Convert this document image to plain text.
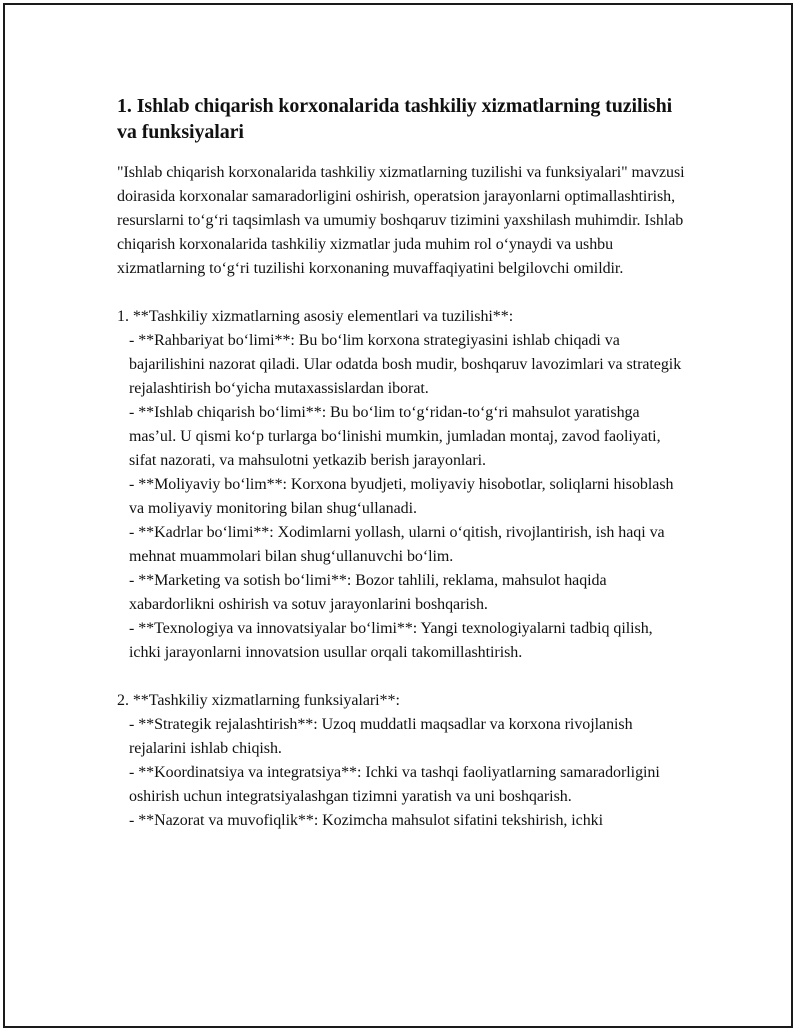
1. Ishlab chiqarish korxonalarida tashkiliy xizmatlarning tuzilishi va funksiyalari

"Ishlab chiqarish korxonalarida tashkiliy xizmatlarning tuzilishi va funksiyalari" mavzusi doirasida korxonalar samaradorligini oshirish, operatsion jarayonlarni optimallashtirish, resurslarni to‘g‘ri taqsimlash va umumiy boshqaruv tizimini yaxshilash muhimdir. Ishlab chiqarish korxonalarida tashkiliy xizmatlar juda muhim rol o‘ynaydi va ushbu xizmatlarning to‘g‘ri tuzilishi korxonaning muvaffaqiyatini belgilovchi omildir.

1. **Tashkiliy xizmatlarning asosiy elementlari va tuzilishi**:

- **Rahbariyat bo‘limi**: Bu bo‘lim korxona strategiyasini ishlab chiqadi va bajarilishini nazorat qiladi. Ular odatda bosh mudir, boshqaruv lavozimlari va strategik rejalashtirish bo‘yicha mutaxassislardan iborat.

- **Ishlab chiqarish bo‘limi**: Bu bo‘lim to‘g‘ridan-to‘g‘ri mahsulot yaratishga mas’ul. U qismi ko‘p turlarga bo‘linishi mumkin, jumladan montaj, zavod faoliyati, sifat nazorati, va mahsulotni yetkazib berish jarayonlari.

- **Moliyaviy bo‘lim**: Korxona byudjeti, moliyaviy hisobotlar, soliqlarni hisoblash va moliyaviy monitoring bilan shug‘ullanadi.

- **Kadrlar bo‘limi**: Xodimlarni yollash, ularni o‘qitish, rivojlantirish, ish haqi va mehnat muammolari bilan shug‘ullanuvchi bo‘lim.

- **Marketing va sotish bo‘limi**: Bozor tahlili, reklama, mahsulot haqida xabardorlikni oshirish va sotuv jarayonlarini boshqarish.

- **Texnologiya va innovatsiyalar bo‘limi**: Yangi texnologiyalarni tadbiq qilish, ichki jarayonlarni innovatsion usullar orqali takomillashtirish.

2. **Tashkiliy xizmatlarning funksiyalari**:

- **Strategik rejalashtirish**: Uzoq muddatli maqsadlar va korxona rivojlanish rejalarini ishlab chiqish.

- **Koordinatsiya va integratsiya**: Ichki va tashqi faoliyatlarning samaradorligini oshirish uchun integratsiyalashgan tizimni yaratish va uni boshqarish.

- **Nazorat va muvofiqlik**: Kozimcha mahsulot sifatini tekshirish, ichki
